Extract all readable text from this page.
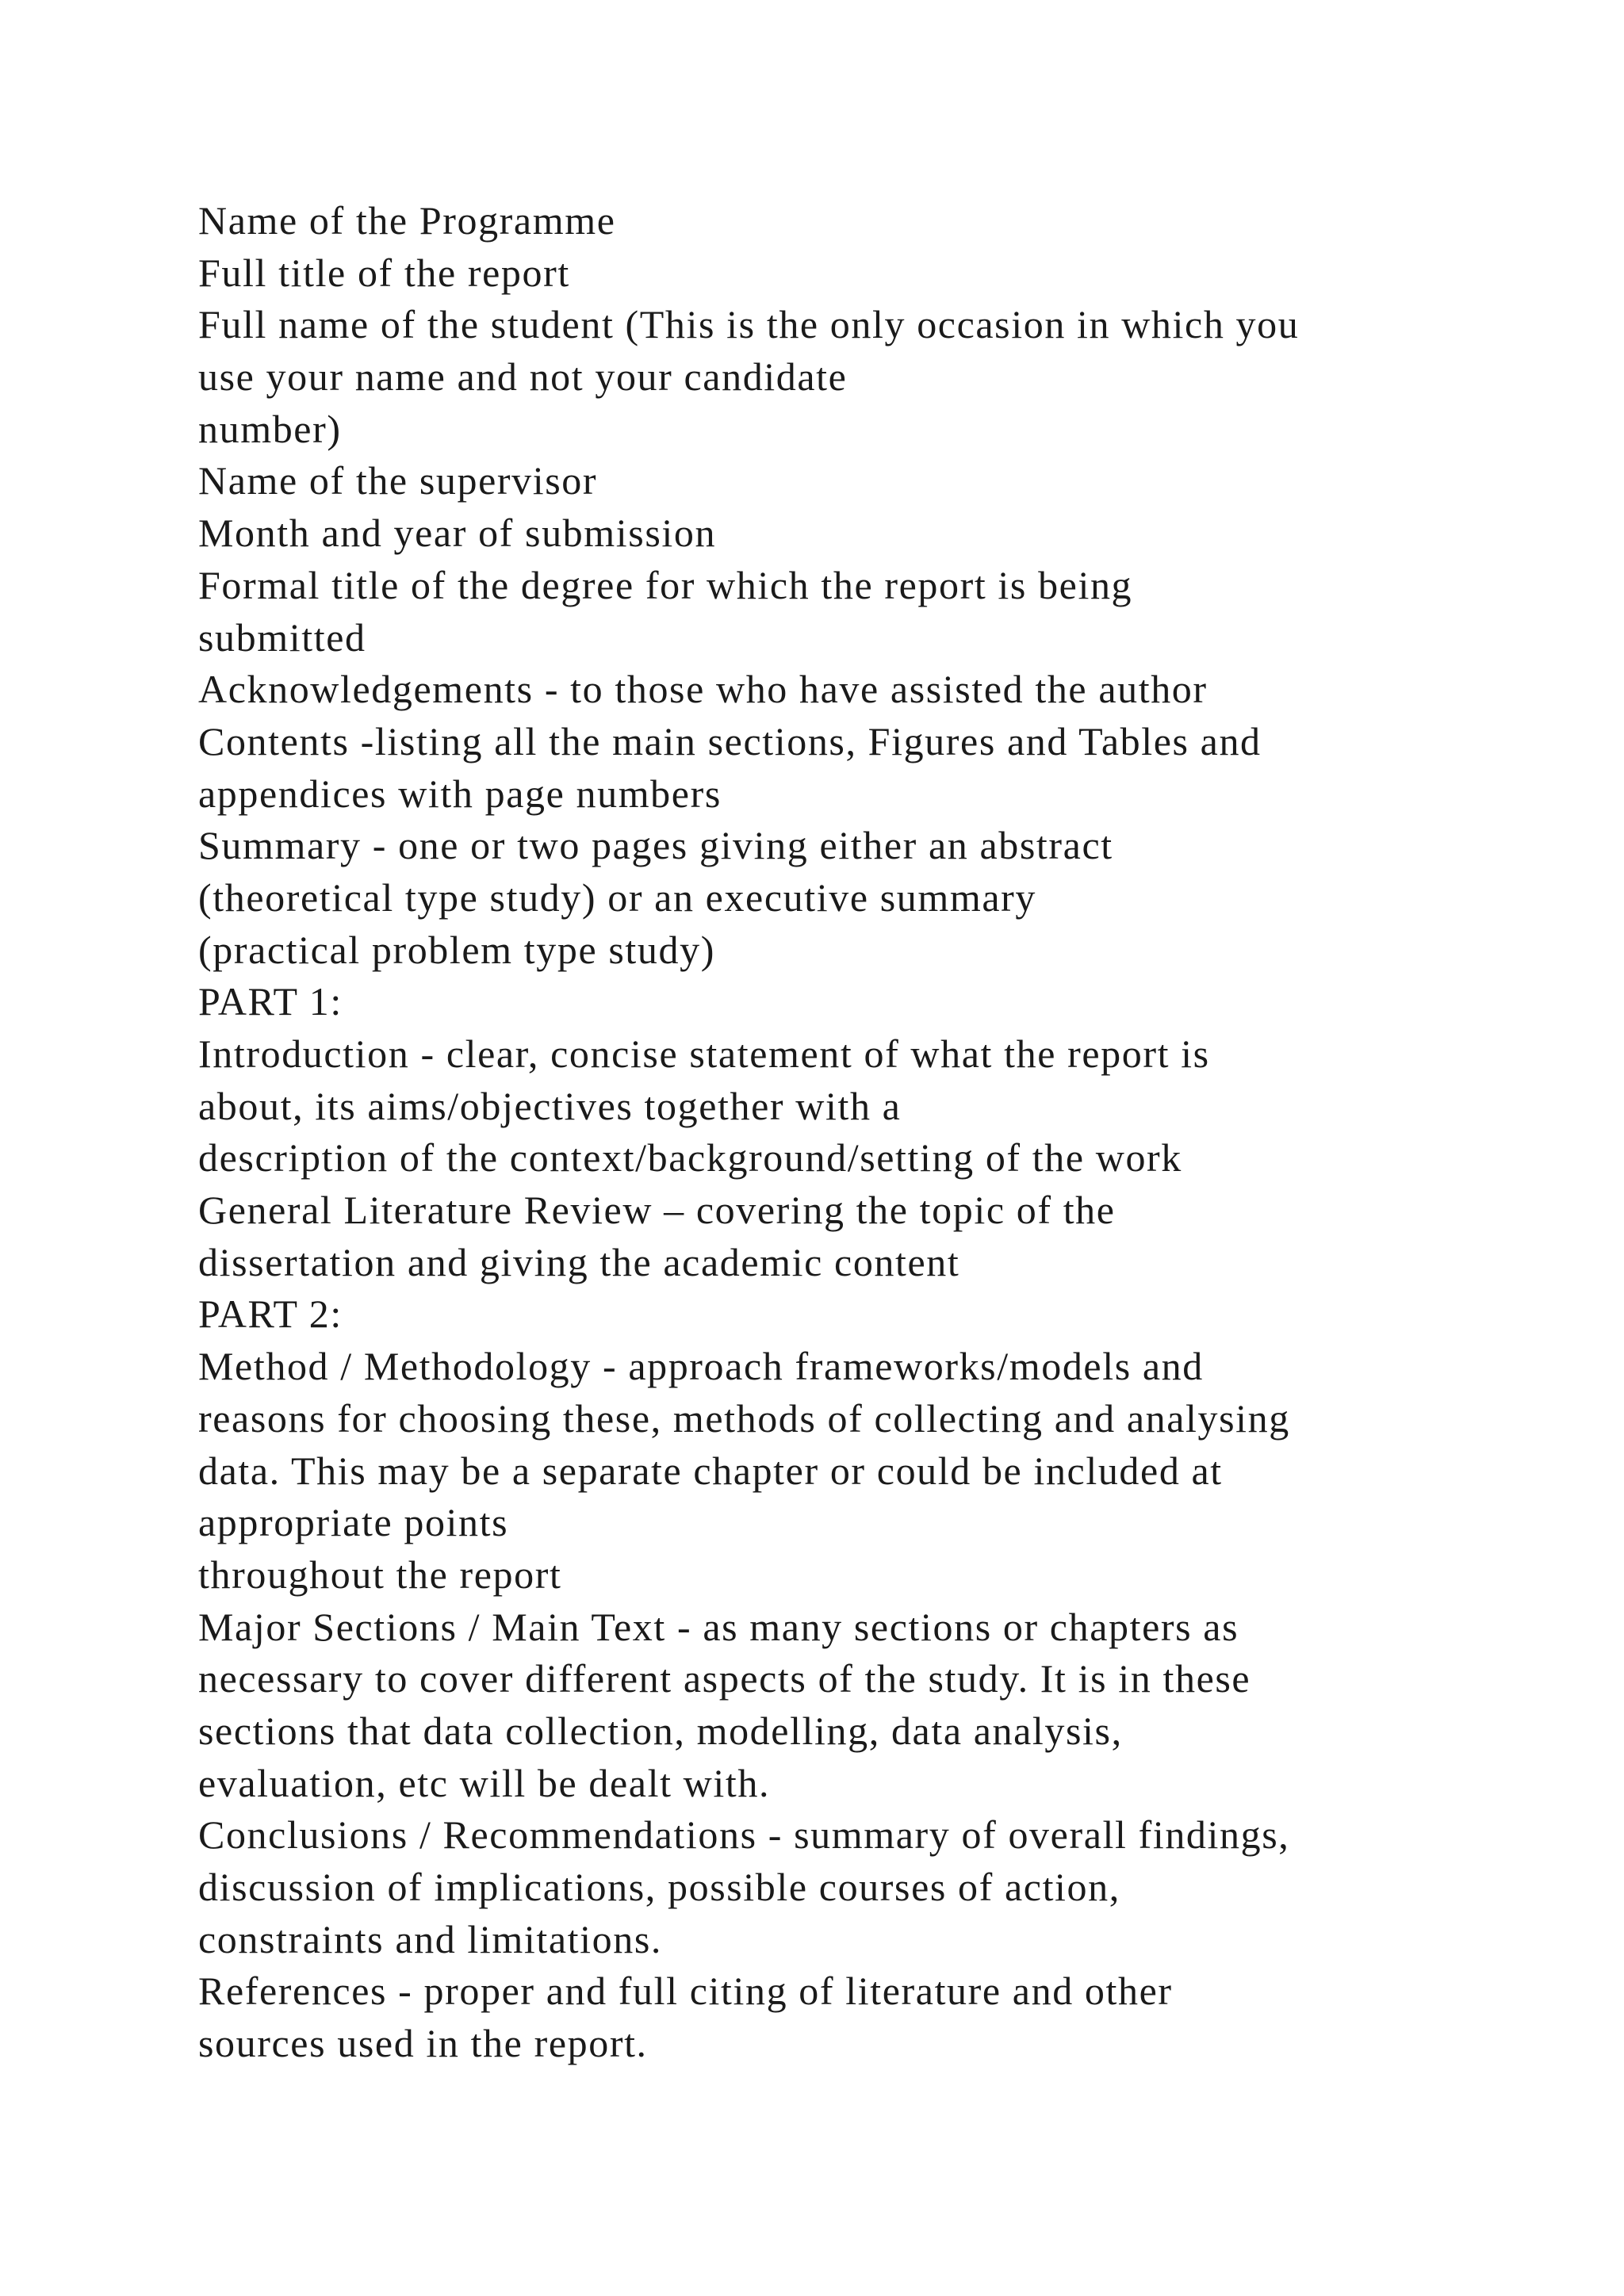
Name of the Programme
Full title of the report
Full name of the student (This is the only occasion in which you
use your name and not your candidate
number)
Name of the supervisor
Month and year of submission
Formal title of the degree for which the report is being
submitted
Acknowledgements - to those who have assisted the author
Contents -listing all the main sections, Figures and Tables and
appendices with page numbers
Summary - one or two pages giving either an abstract
(theoretical type study) or an executive summary
(practical problem type study)
PART 1:
Introduction - clear, concise statement of what the report is
about, its aims/objectives together with a
description of the context/background/setting of the work
General Literature Review – covering the topic of the
dissertation and giving the academic content
PART 2:
Method / Methodology - approach frameworks/models and
reasons for choosing these, methods of collecting and analysing
data. This may be a separate chapter or could be included at
appropriate points
throughout the report
Major Sections / Main Text - as many sections or chapters as
necessary to cover different aspects of the study. It is in these
sections that data collection, modelling, data analysis,
evaluation, etc will be dealt with.
Conclusions / Recommendations - summary of overall findings,
discussion of implications, possible courses of action,
constraints and limitations.
References - proper and full citing of literature and other
sources used in the report.
